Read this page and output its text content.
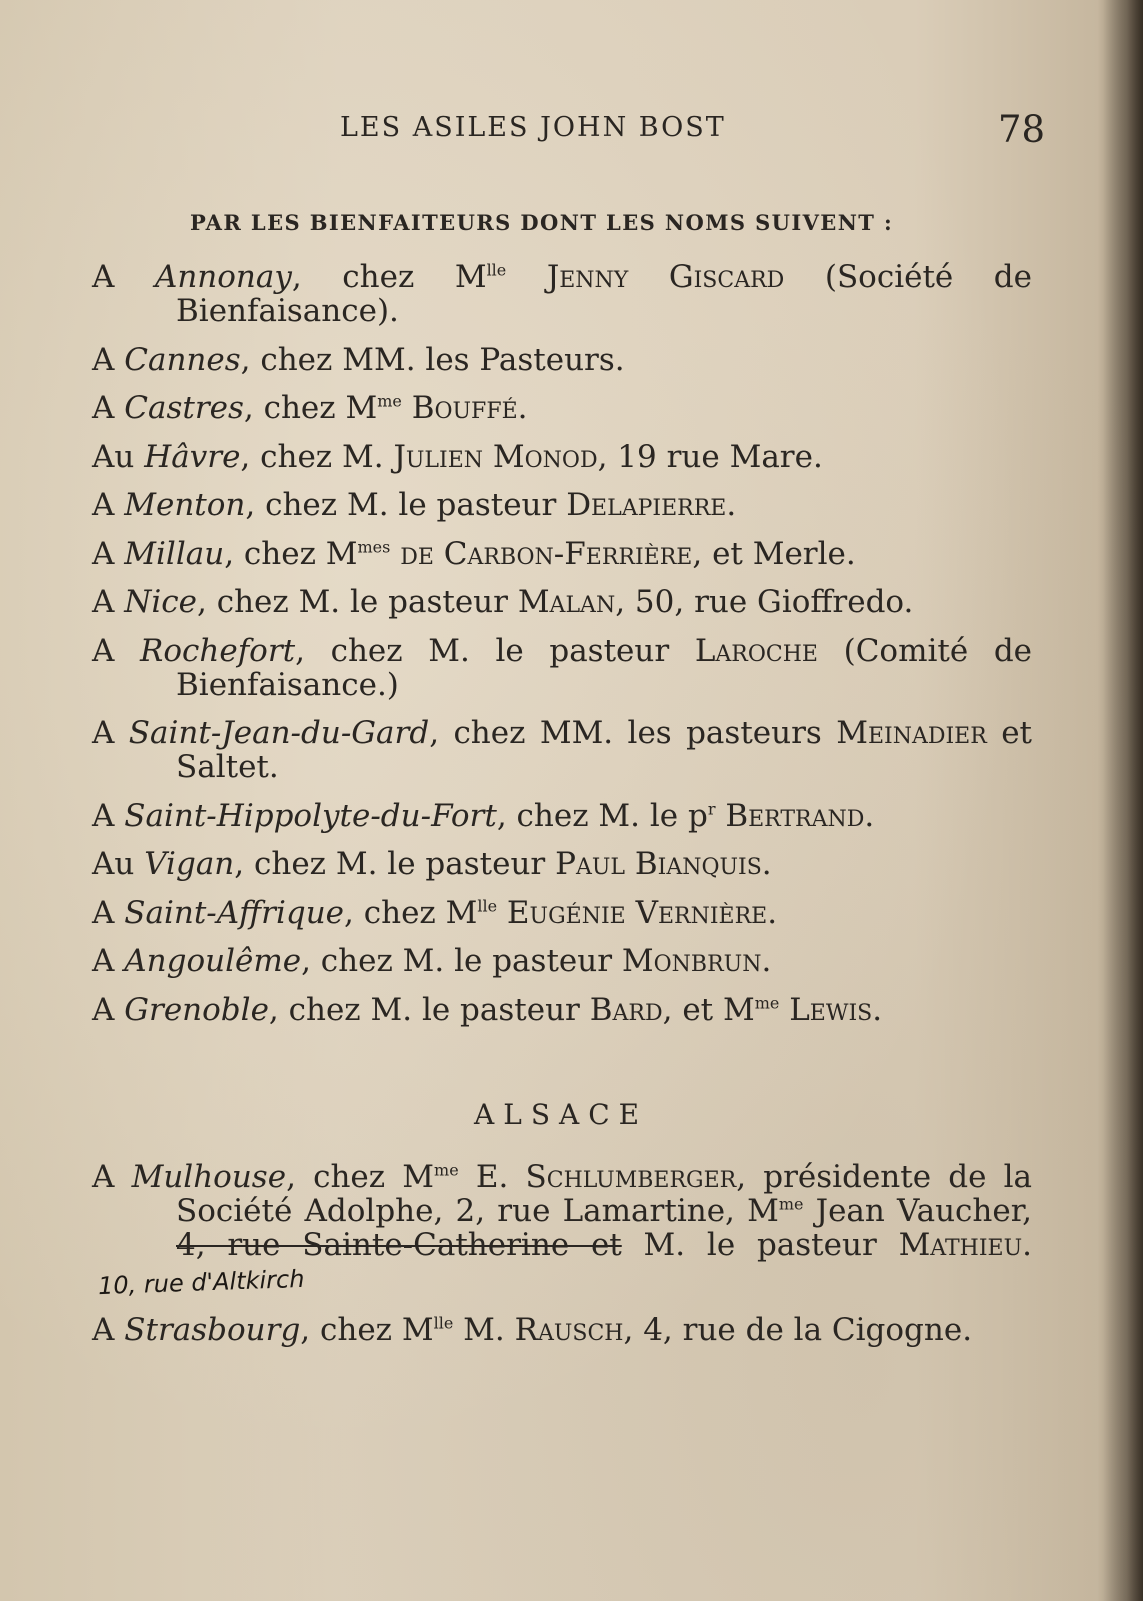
LES ASILES JOHN BOST	78
PAR LES BIENFAITEURS DONT LES NOMS SUIVENT :
A Annonay, chez $M^{lle}$ Jenny Giscard (Société de Bienfaisance).
A Cannes, chez MM. les Pasteurs.
A Castres, chez $M^{me}$ Bouffé.
Au Hâvre, chez M. Julien Monod, 19 rue Mare.
A Menton, chez M. le pasteur Delapierre.
A Millau, chez $M^{mes}$ de Carbon-Ferrière, et Merle.
A Nice, chez M. le pasteur Malan, 50, rue Gioffredo.
A Rochefort, chez M. le pasteur Laroche (Comité de Bienfaisance.)
A Saint-Jean-du-Gard, chez MM. les pasteurs Meinadier et Saltet.
A Saint-Hippolyte-du-Fort, chez M. le $p^r$ Bertrand.
Au Vigan, chez M. le pasteur Paul Bianquis.
A Saint-Affrique, chez $M^{lle}$ Eugénie Vernière.
A Angoulême, chez M. le pasteur Monbrun.
A Grenoble, chez M. le pasteur Bard, et $M^{me}$ Lewis.
ALSACE
A Mulhouse, chez $M^{me}$ E. Schlumberger, présidente de la Société Adolphe, 2, rue Lamartine, $M^{me}$ Jean Vaucher, 4, rue Sainte-Catherine et M. le pasteur Mathieu.10, rue d'Altkirch
A Strasbourg, chez $M^{lle}$ M. Rausch, 4, rue de la Cigogne.
